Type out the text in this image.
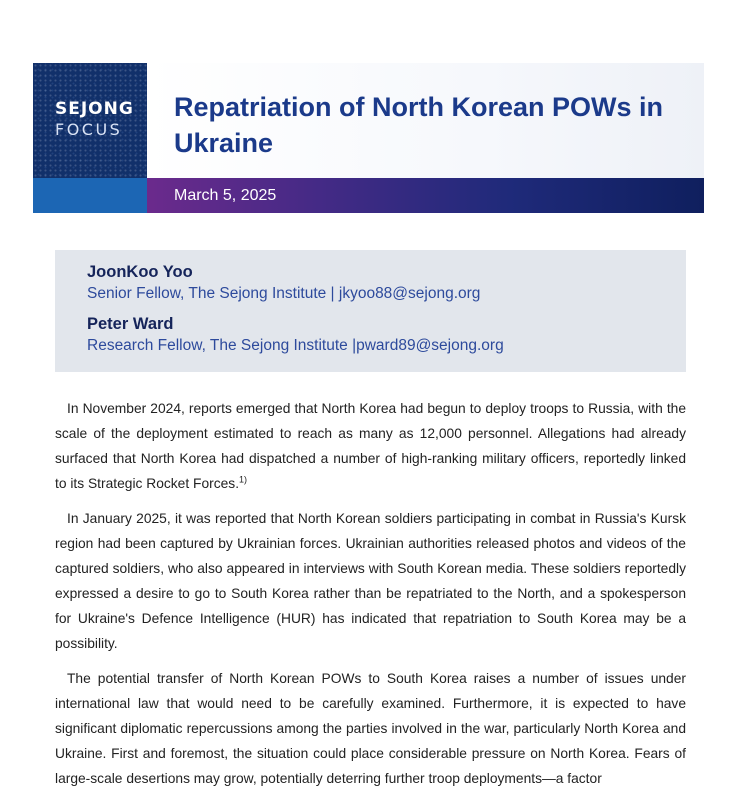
SEJONG
FOCUS
Repatriation of North Korean POWs in Ukraine
March 5, 2025
JoonKoo Yoo
Senior Fellow, The Sejong Institute | jkyoo88@sejong.org
Peter Ward
Research Fellow, The Sejong Institute |pward89@sejong.org

In November 2024, reports emerged that North Korea had begun to deploy troops to Russia, with the scale of the deployment estimated to reach as many as 12,000 personnel. Allegations had already surfaced that North Korea had dispatched a number of high-ranking military officers, reportedly linked to its Strategic Rocket Forces.$^{1)}$

In January 2025, it was reported that North Korean soldiers participating in combat in Russia's Kursk region had been captured by Ukrainian forces. Ukrainian authorities released photos and videos of the captured soldiers, who also appeared in interviews with South Korean media. These soldiers reportedly expressed a desire to go to South Korea rather than be repatriated to the North, and a spokesperson for Ukraine's Defence Intelligence (HUR) has indicated that repatriation to South Korea may be a possibility.

The potential transfer of North Korean POWs to South Korea raises a number of issues under international law that would need to be carefully examined. Furthermore, it is expected to have significant diplomatic repercussions among the parties involved in the war, particularly North Korea and Ukraine. First and foremost, the situation could place considerable pressure on North Korea. Fears of large-scale desertions may grow, potentially deterring further troop deployments—a factor
